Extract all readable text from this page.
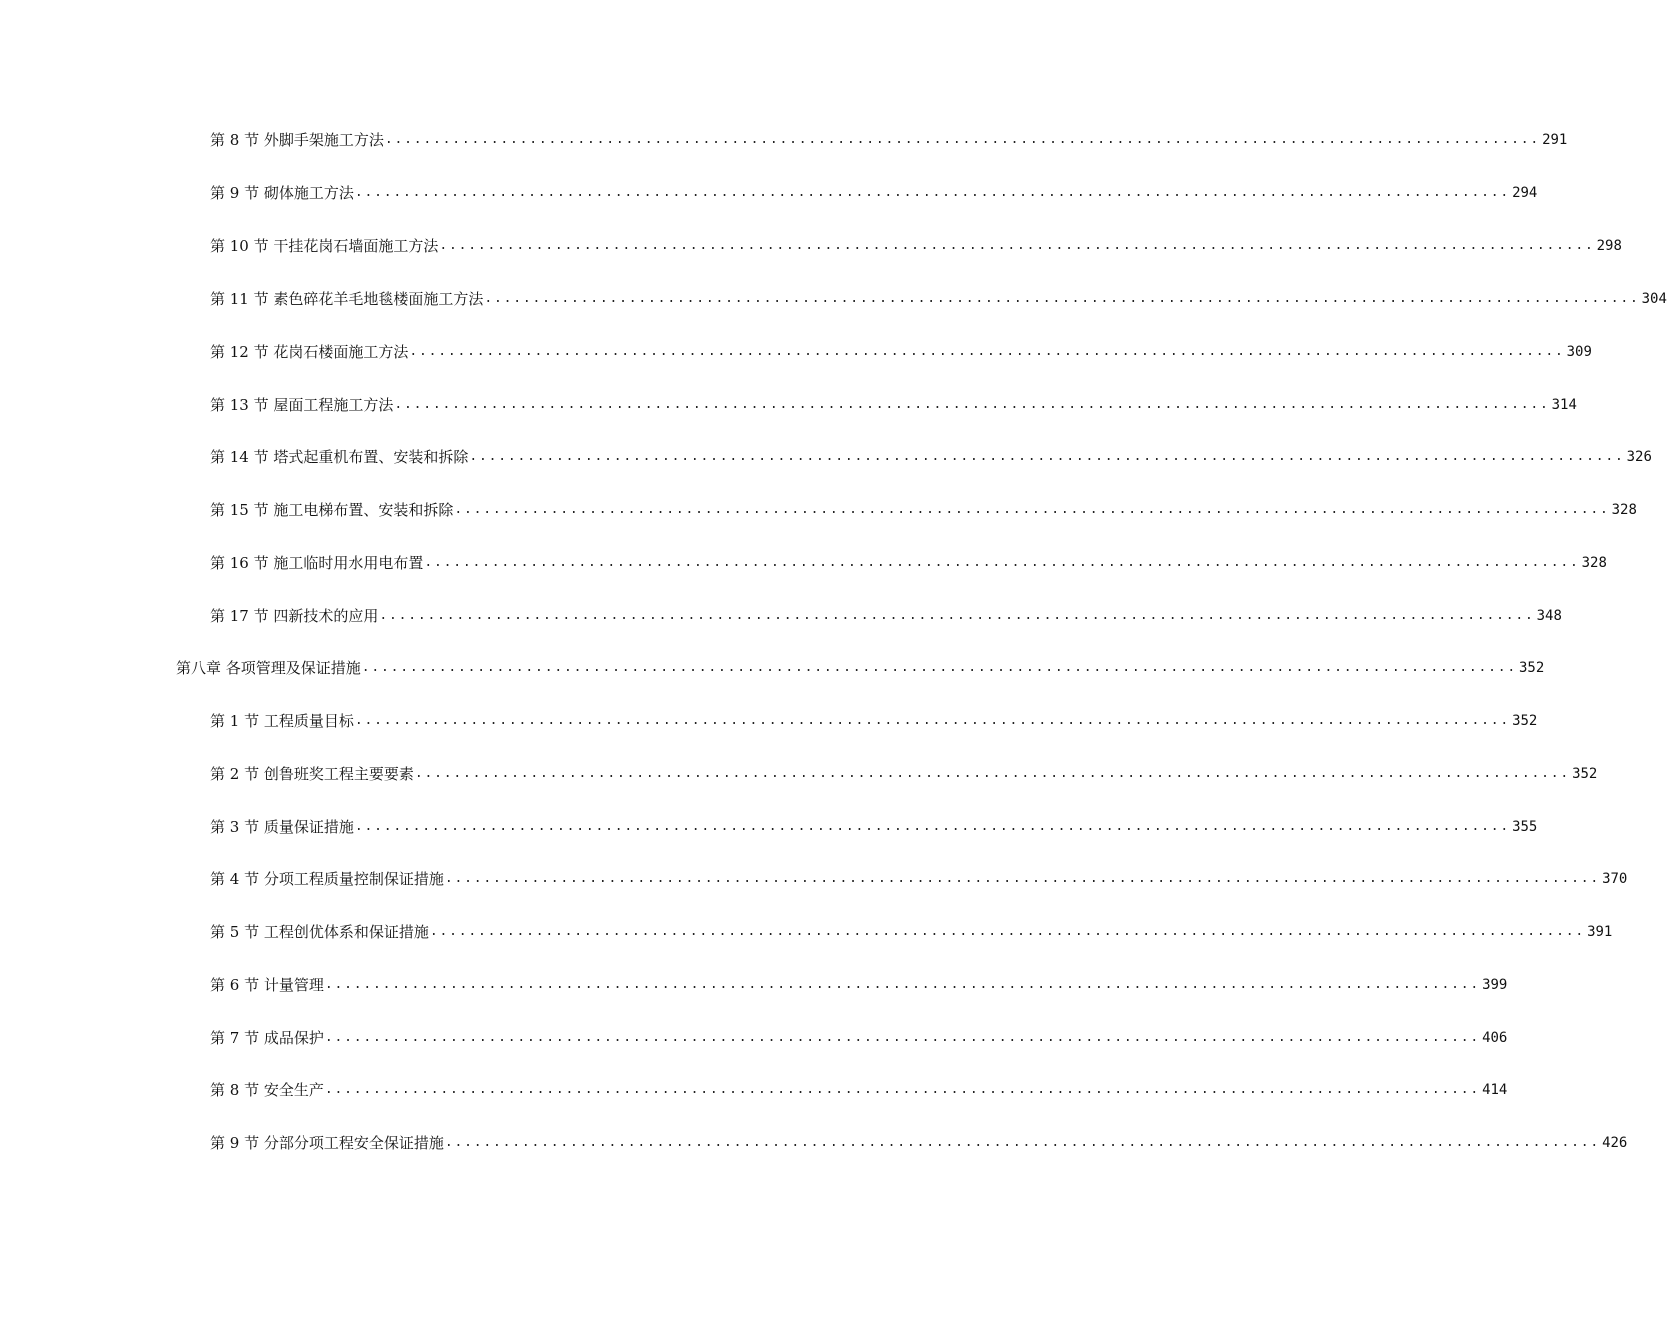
第 8 节 外脚手架施工方法 ........................................................................................................................ 291
第 9 节 砌体施工方法 ........................................................................................................................ 294
第 10 节 干挂花岗石墙面施工方法 ........................................................................................................................ 298
第 11 节 素色碎花羊毛地毯楼面施工方法 ........................................................................................................................ 304
第 12 节 花岗石楼面施工方法 ........................................................................................................................ 309
第 13 节 屋面工程施工方法 ........................................................................................................................ 314
第 14 节 塔式起重机布置、安装和拆除 ........................................................................................................................ 326
第 15 节 施工电梯布置、安装和拆除 ........................................................................................................................ 328
第 16 节 施工临时用水用电布置 ........................................................................................................................ 328
第 17 节 四新技术的应用 ........................................................................................................................ 348
第八章 各项管理及保证措施 ........................................................................................................................ 352
第 1 节 工程质量目标 ........................................................................................................................ 352
第 2 节 创鲁班奖工程主要要素 ........................................................................................................................ 352
第 3 节 质量保证措施 ........................................................................................................................ 355
第 4 节 分项工程质量控制保证措施 ........................................................................................................................ 370
第 5 节 工程创优体系和保证措施 ........................................................................................................................ 391
第 6 节 计量管理 ........................................................................................................................ 399
第 7 节 成品保护 ........................................................................................................................ 406
第 8 节 安全生产 ........................................................................................................................ 414
第 9 节 分部分项工程安全保证措施 ........................................................................................................................ 426
